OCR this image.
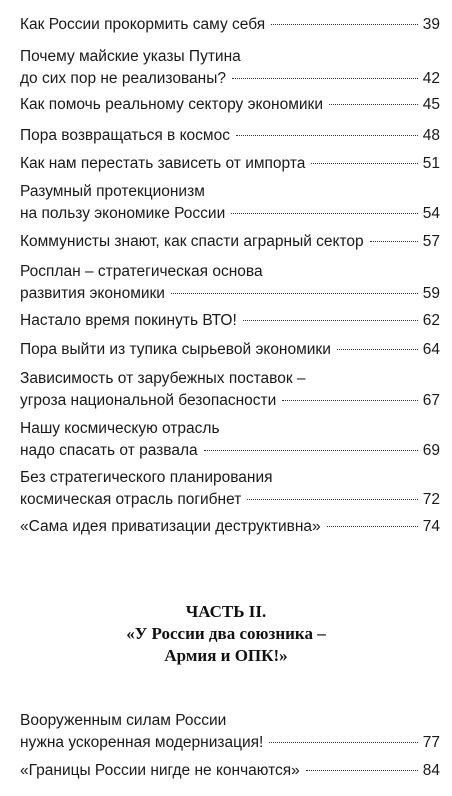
Как России прокормить саму себя	39
Почему майские указы Путина
до сих пор не реализованы?	42
Как помочь реальному сектору экономики	45
Пора возвращаться в космос	48
Как нам перестать зависеть от импорта	51
Разумный протекционизм
на пользу экономике России	54
Коммунисты знают, как спасти аграрный сектор	57
Росплан – стратегическая основа
развития экономики	59
Настало время покинуть ВТО!	62
Пора выйти из тупика сырьевой экономики	64
Зависимость от зарубежных поставок –
угроза национальной безопасности	67
Нашу космическую отрасль
надо спасать от развала	69
Без стратегического планирования
космическая отрасль погибнет	72
«Сама идея приватизации деструктивна»	74
ЧАСТЬ II.
«У России два союзника –
Армия и ОПК!»
Вооруженным силам России
нужна ускоренная модернизация!	77
«Границы России нигде не кончаются»	84
